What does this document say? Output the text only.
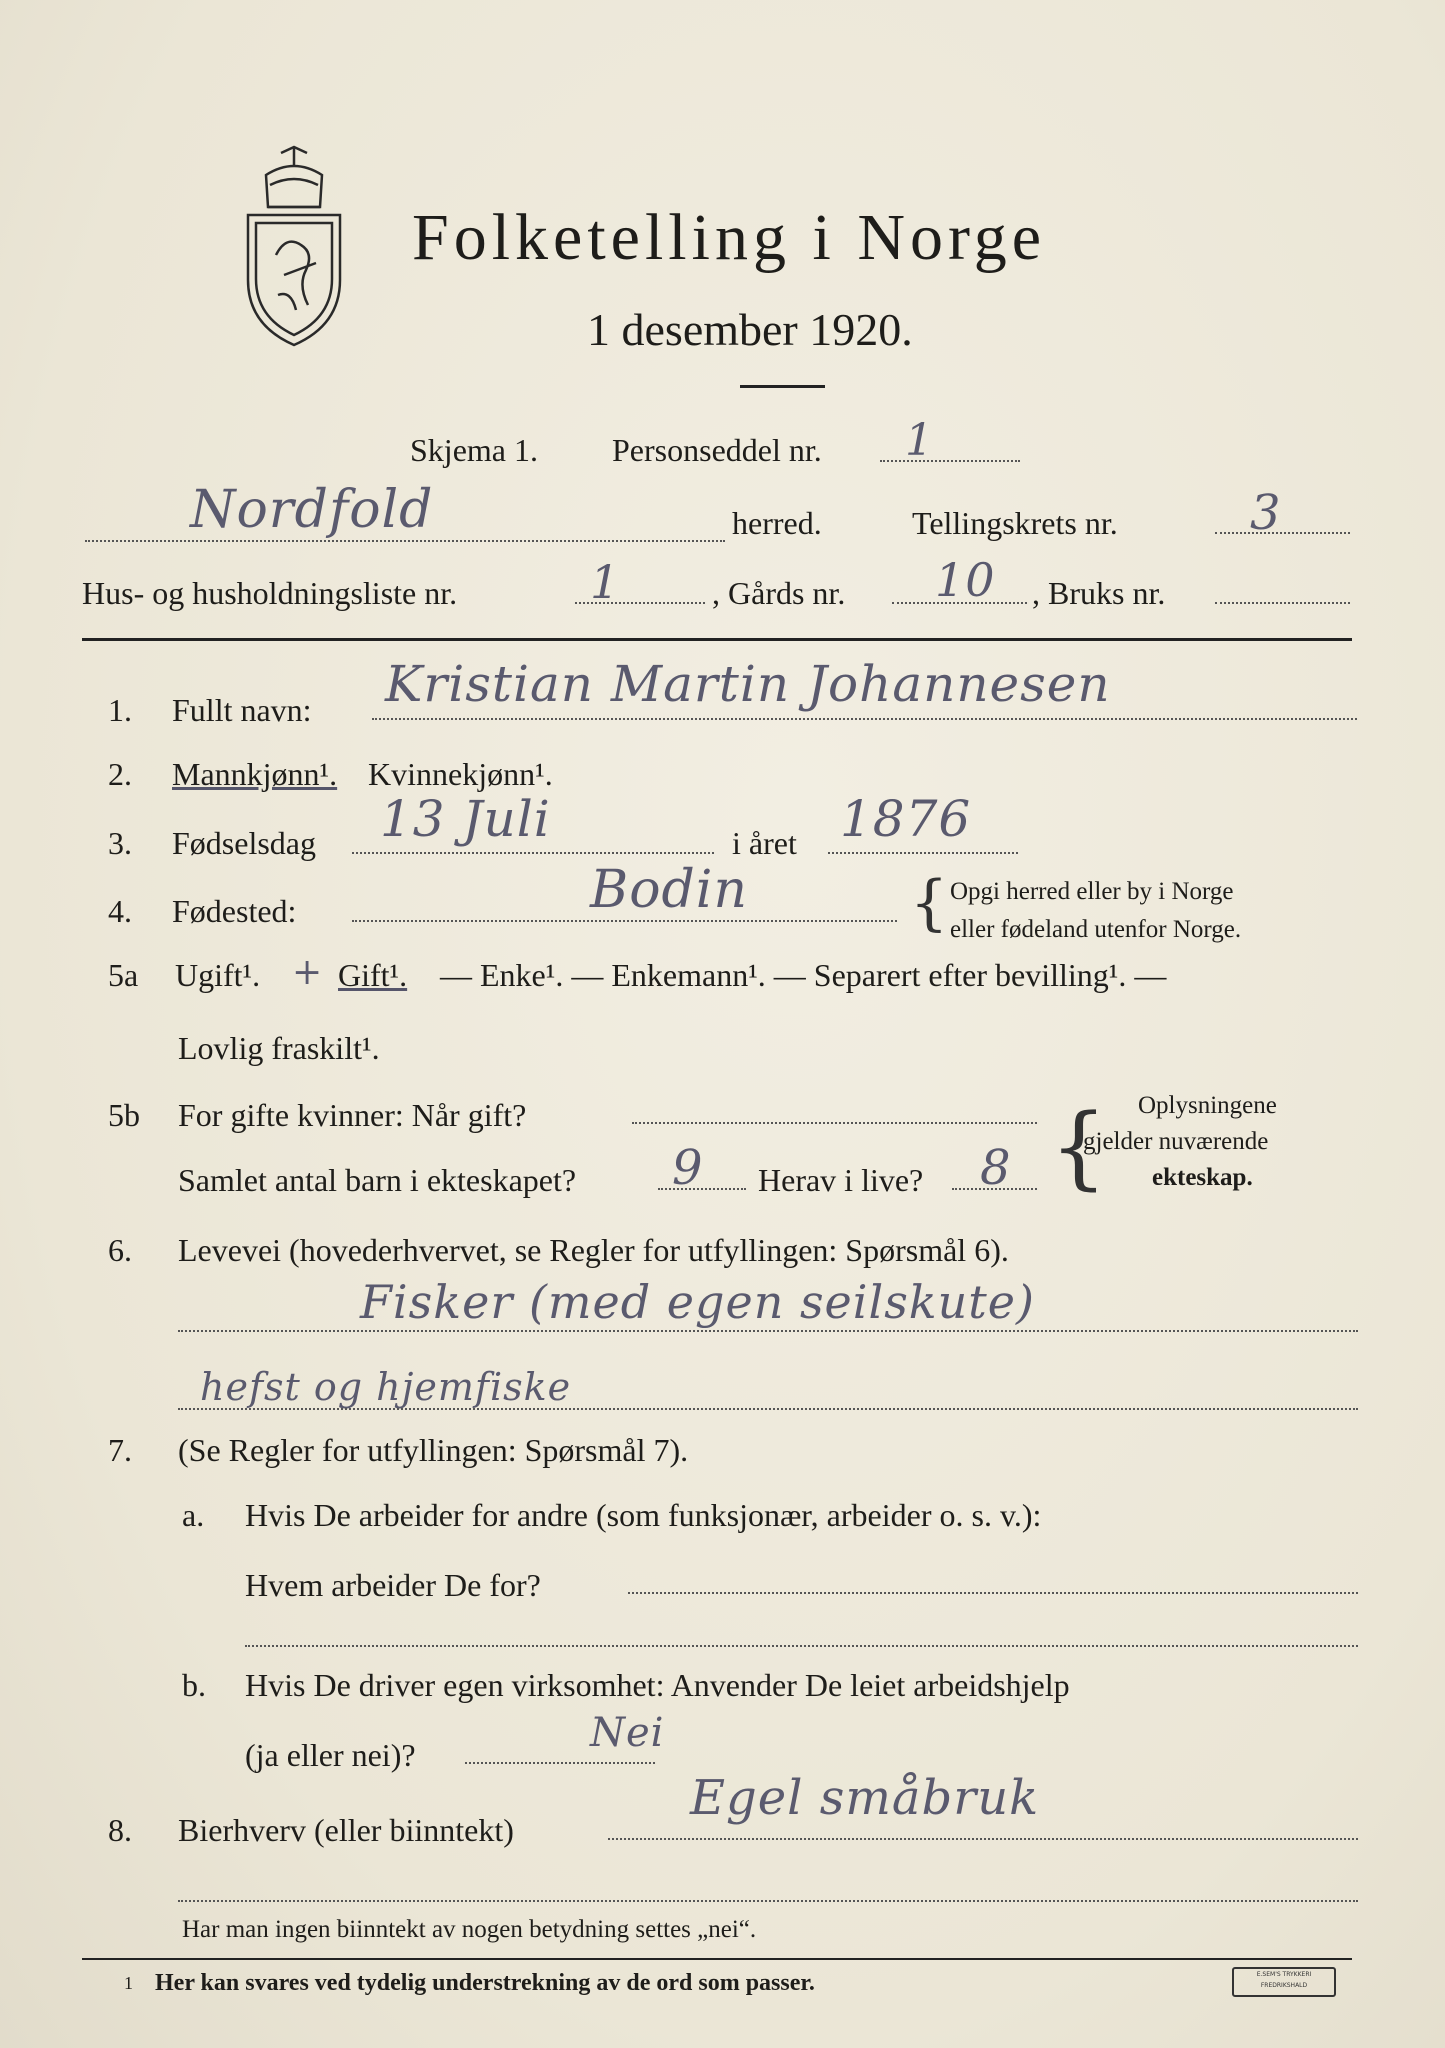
Folketelling i Norge
1 desember 1920.
Skjema 1. Personseddel nr. 1
Nordfold	herred.	Tellingskrets nr.	3
Hus- og husholdningsliste nr.	1	, Gårds nr. 10 , Bruks nr.
1. Fullt navn: Kristian Martin Johannesen
2. Mannkjønn¹. Kvinnekjønn¹.
3. Fødselsdag 13 Juli	i året 1876
4. Fødested:	Bodin	{ Opgi herred eller by i Norge
eller fødeland utenfor Norge.
5a Ugift¹. + Gift¹. — Enke¹. — Enkemann¹. — Separert efter bevilling¹. —
Lovlig fraskilt¹.
5b For gifte kvinner: Når gift?
Samlet antal barn i ekteskapet? 9 Herav i live? 8 { Oplysningene
gjelder nuværende
ekteskap.
6. Levevei (hovederhvervet, se Regler for utfyllingen: Spørsmål 6).
Fisker (med egen seilskute)
hefst og hjemfiske
7. (Se Regler for utfyllingen: Spørsmål 7).
a. Hvis De arbeider for andre (som funksjonær, arbeider o. s. v.):
Hvem arbeider De for?
b. Hvis De driver egen virksomhet: Anvender De leiet arbeidshjelp
(ja eller nei)?	Nei
8. Bierhverv (eller biinntekt)
Egel småbruk
Har man ingen biinntekt av nogen betydning settes „nei“.
1 Her kan svares ved tydelig understrekning av de ord som passer.	E.SEM'S TRYKKERI
FREDRIKSHALD
